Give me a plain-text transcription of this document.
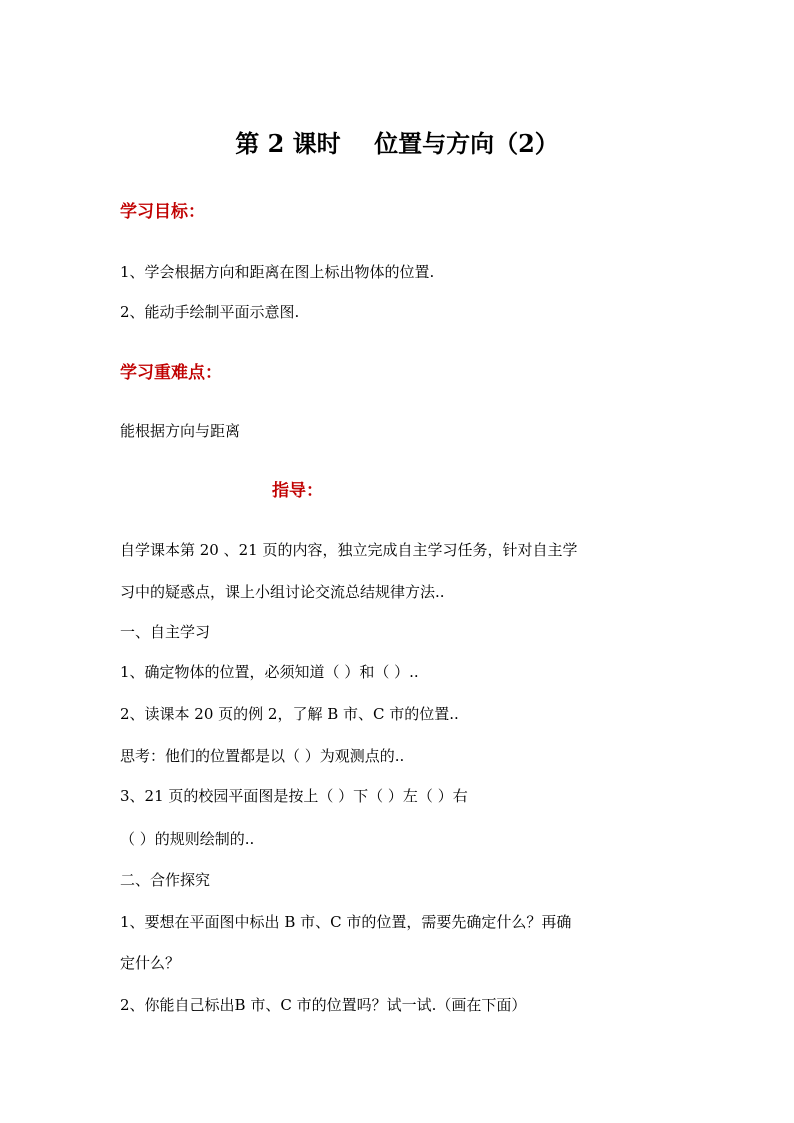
第 2 课时    位置与方向（2）
学习目标：
1、学会根据方向和距离在图上标出物体的位置.
2、能动手绘制平面示意图.
学习重难点：
能根据方向与距离
指导：
自学课本第 20 、21 页的内容，独立完成自主学习任务，针对自主学
习中的疑惑点，课上小组讨论交流总结规律方法..
一、自主学习
1、确定物体的位置，必须知道（ ）和（ ）..
2、读课本 20 页的例 2，了解 B 市、C 市的位置..
思考：他们的位置都是以（ ）为观测点的..
3、21 页的校园平面图是按上（ ）下（ ）左（ ）右
（ ）的规则绘制的..
二、合作探究
1、要想在平面图中标出 B 市、C 市的位置，需要先确定什么？再确
定什么？
2、你能自己标出B 市、C 市的位置吗？试一试.（画在下面）
